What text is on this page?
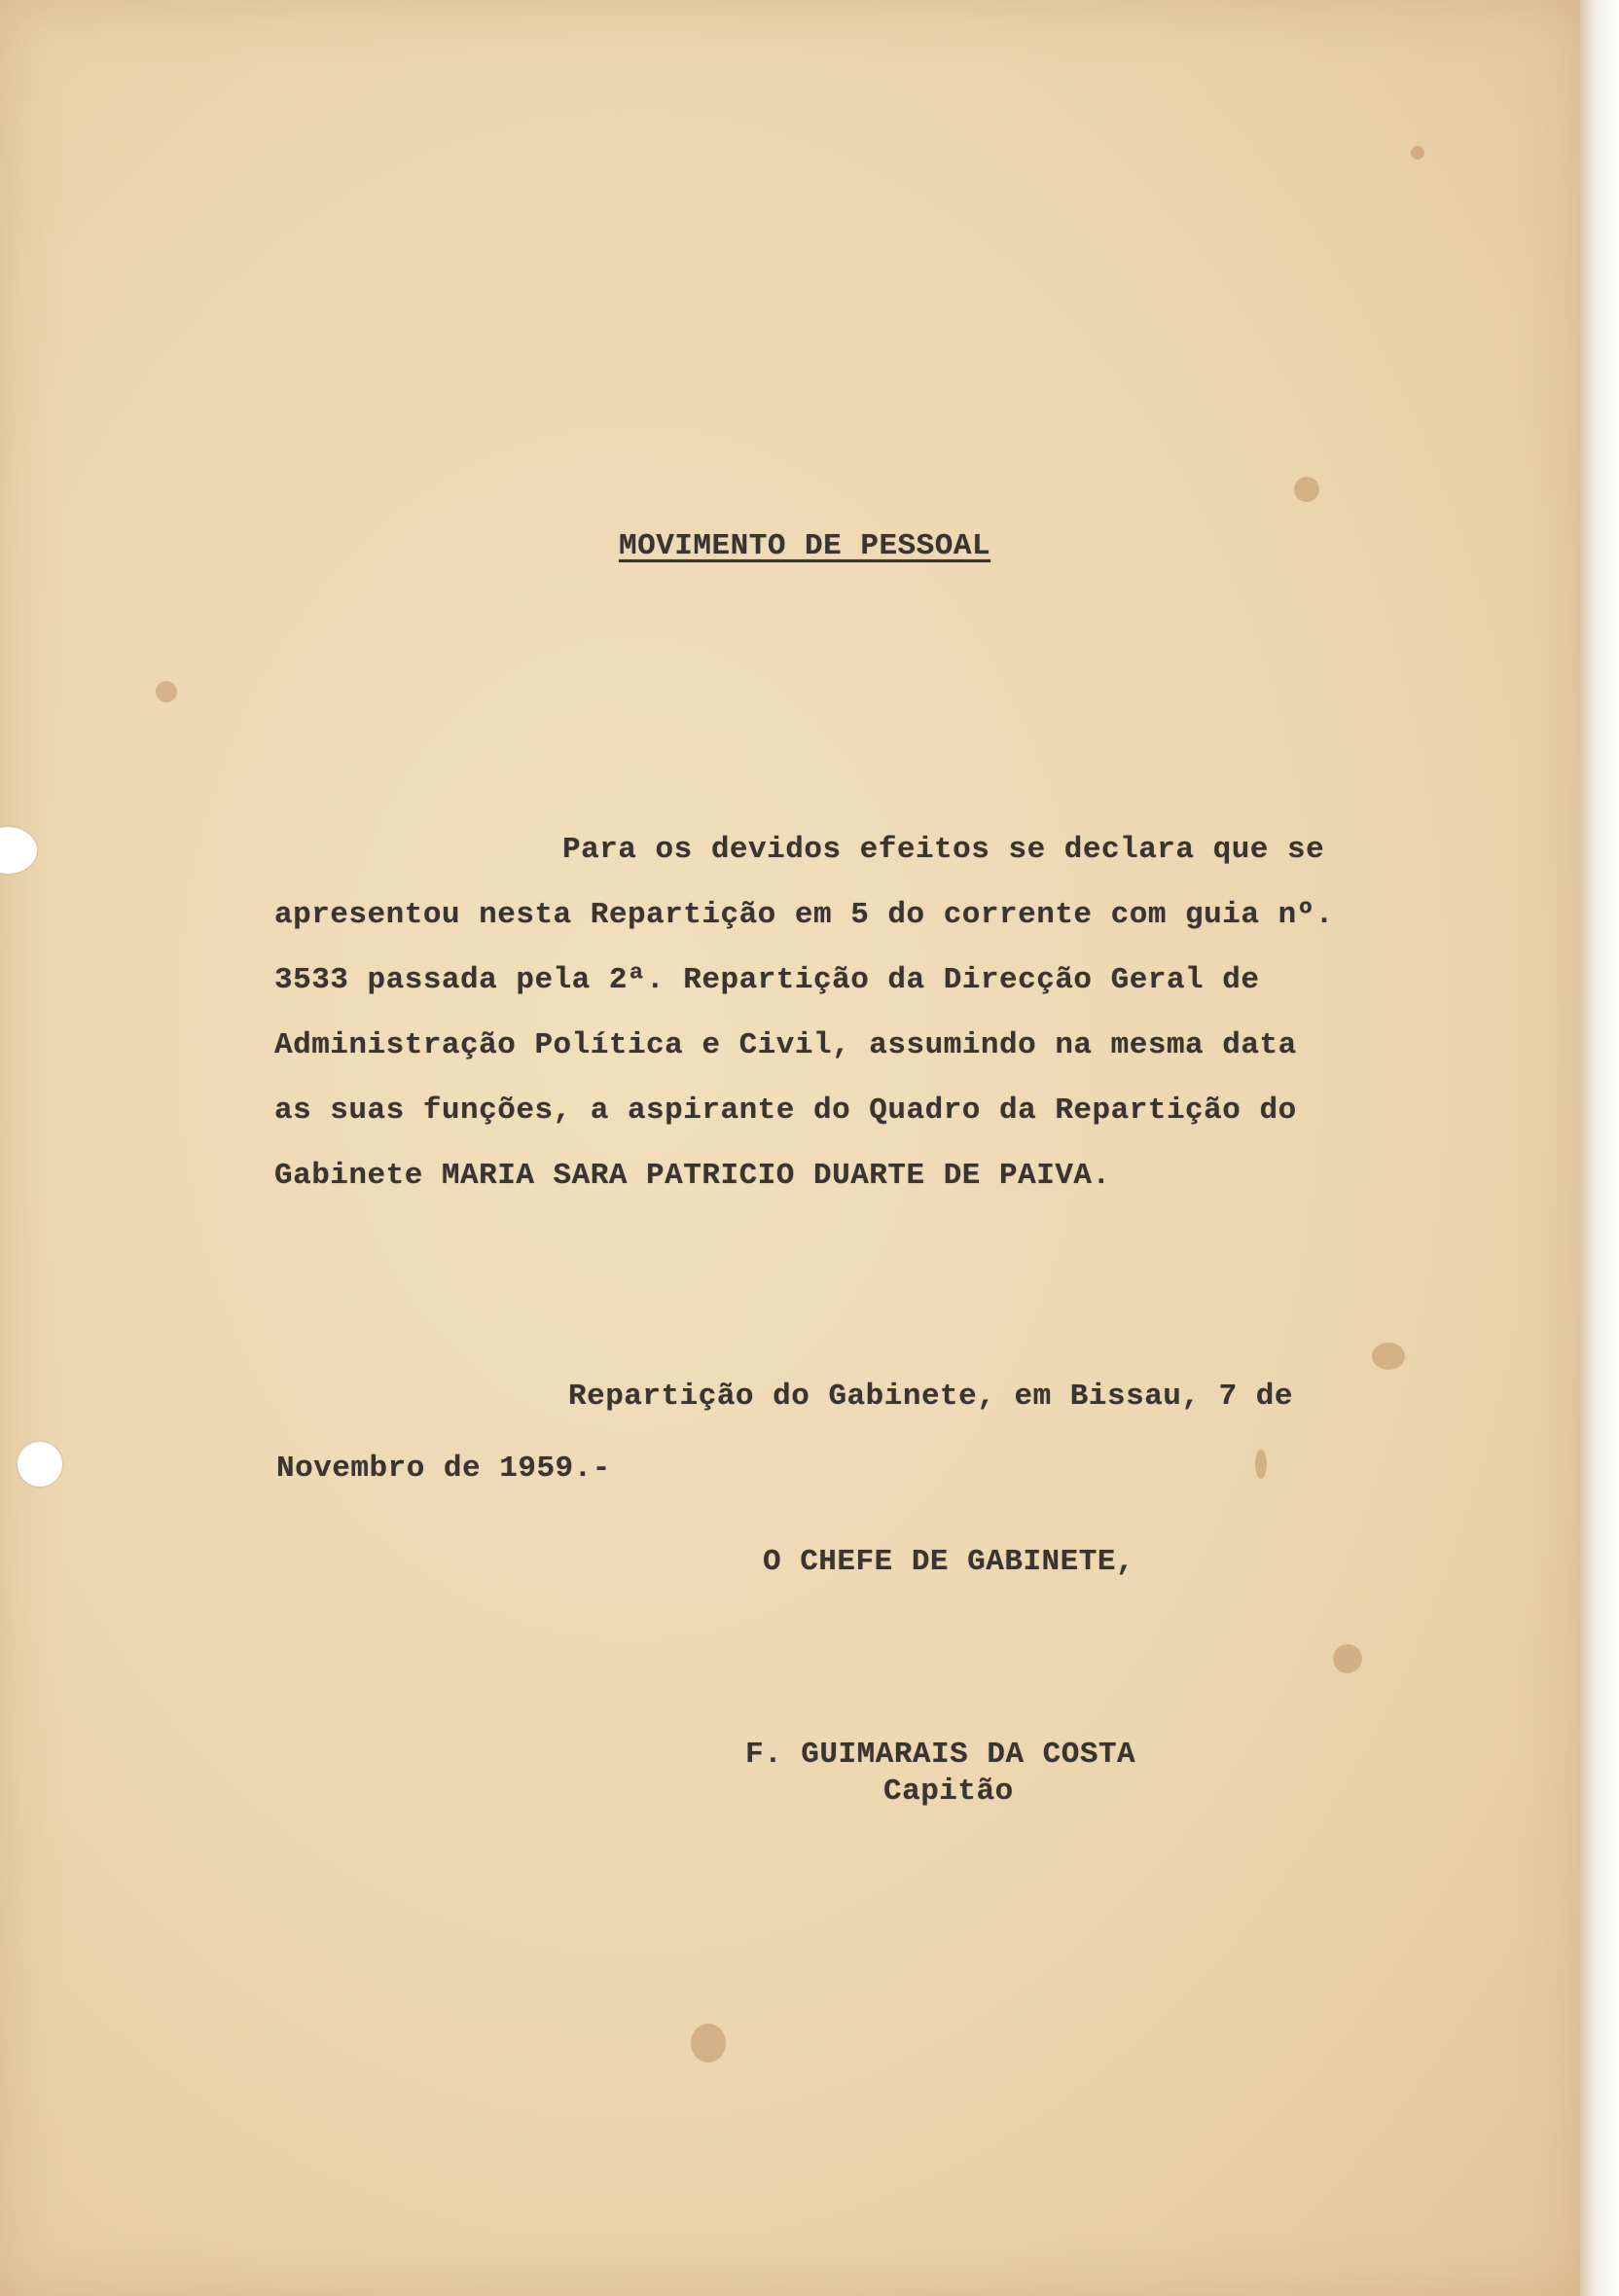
MOVIMENTO DE PESSOAL
Para os devidos efeitos se declara que se
apresentou nesta Repartição em 5 do corrente com guia nº.
3533 passada pela 2ª. Repartição da Direcção Geral de
Administração Política e Civil, assumindo na mesma data
as suas funções, a aspirante do Quadro da Repartição do
Gabinete MARIA SARA PATRICIO DUARTE DE PAIVA.
Repartição do Gabinete, em Bissau, 7 de
Novembro de 1959.-
O CHEFE DE GABINETE,
F. GUIMARAIS DA COSTA
Capitão
